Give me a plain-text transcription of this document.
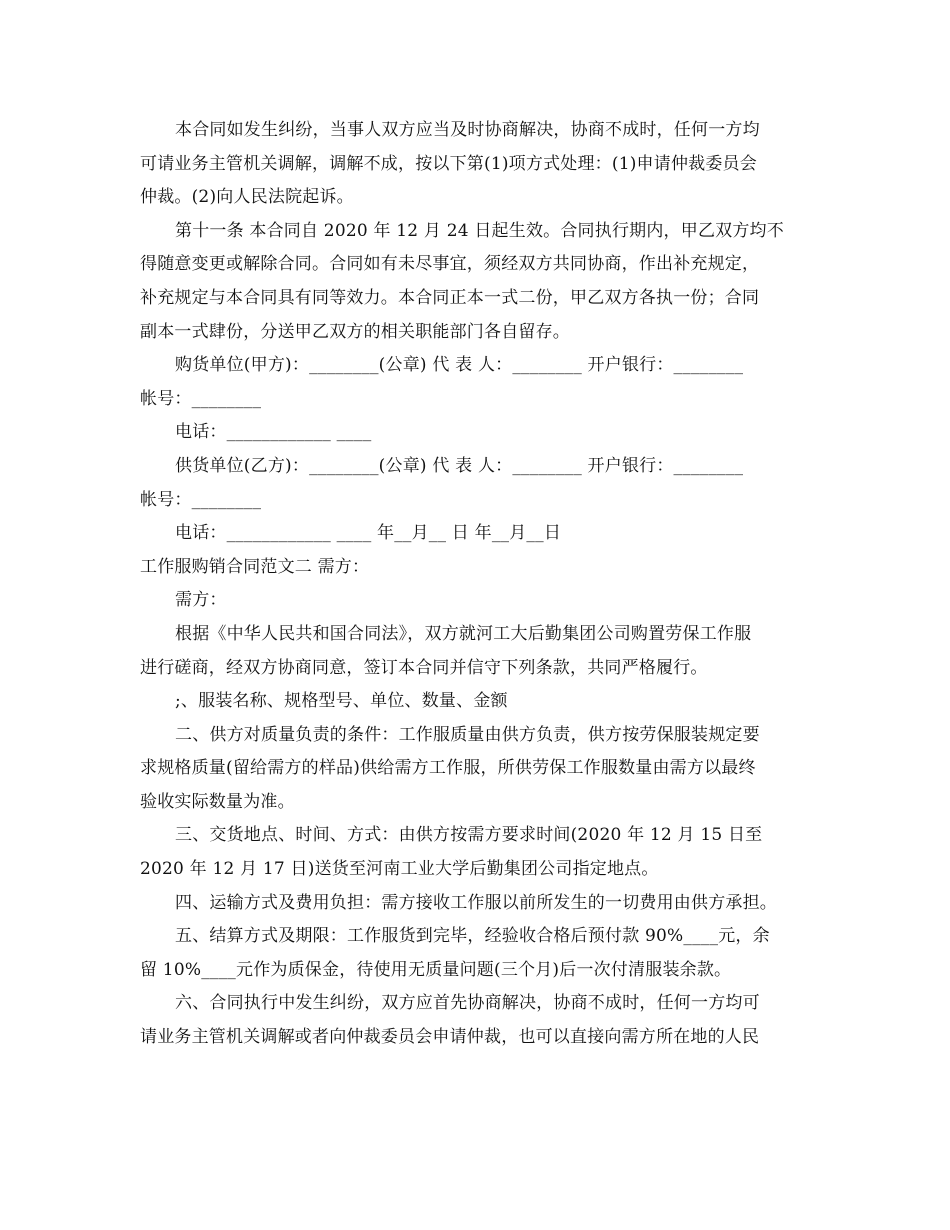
本合同如发生纠纷，当事人双方应当及时协商解决，协商不成时，任何一方均
可请业务主管机关调解，调解不成，按以下第(1)项方式处理：(1)申请仲裁委员会
仲裁。(2)向人民法院起诉。
第十一条 本合同自 2020 年 12 月 24 日起生效。合同执行期内，甲乙双方均不
得随意变更或解除合同。合同如有未尽事宜，须经双方共同协商，作出补充规定，
补充规定与本合同具有同等效力。本合同正本一式二份，甲乙双方各执一份；合同
副本一式肆份，分送甲乙双方的相关职能部门各自留存。
购货单位(甲方)：________(公章) 代 表 人：________ 开户银行：________
帐号：________
电话：____________ ____
供货单位(乙方)：________(公章) 代 表 人：________ 开户银行：________
帐号：________
电话：____________ ____ 年__月__ 日 年__月__日
工作服购销合同范文二 需方：
需方：
根据《中华人民共和国合同法》，双方就河工大后勤集团公司购置劳保工作服
进行磋商，经双方协商同意，签订本合同并信守下列条款，共同严格履行。
;、服装名称、规格型号、单位、数量、金额
二、供方对质量负责的条件：工作服质量由供方负责，供方按劳保服装规定要
求规格质量(留给需方的样品)供给需方工作服，所供劳保工作服数量由需方以最终
验收实际数量为准。
三、交货地点、时间、方式：由供方按需方要求时间(2020 年 12 月 15 日至
2020 年 12 月 17 日)送货至河南工业大学后勤集团公司指定地点。
四、运输方式及费用负担：需方接收工作服以前所发生的一切费用由供方承担。
五、结算方式及期限：工作服货到完毕，经验收合格后预付款 90%____元，余
留 10%____元作为质保金，待使用无质量问题(三个月)后一次付清服装余款。
六、合同执行中发生纠纷，双方应首先协商解决，协商不成时，任何一方均可
请业务主管机关调解或者向仲裁委员会申请仲裁，也可以直接向需方所在地的人民
